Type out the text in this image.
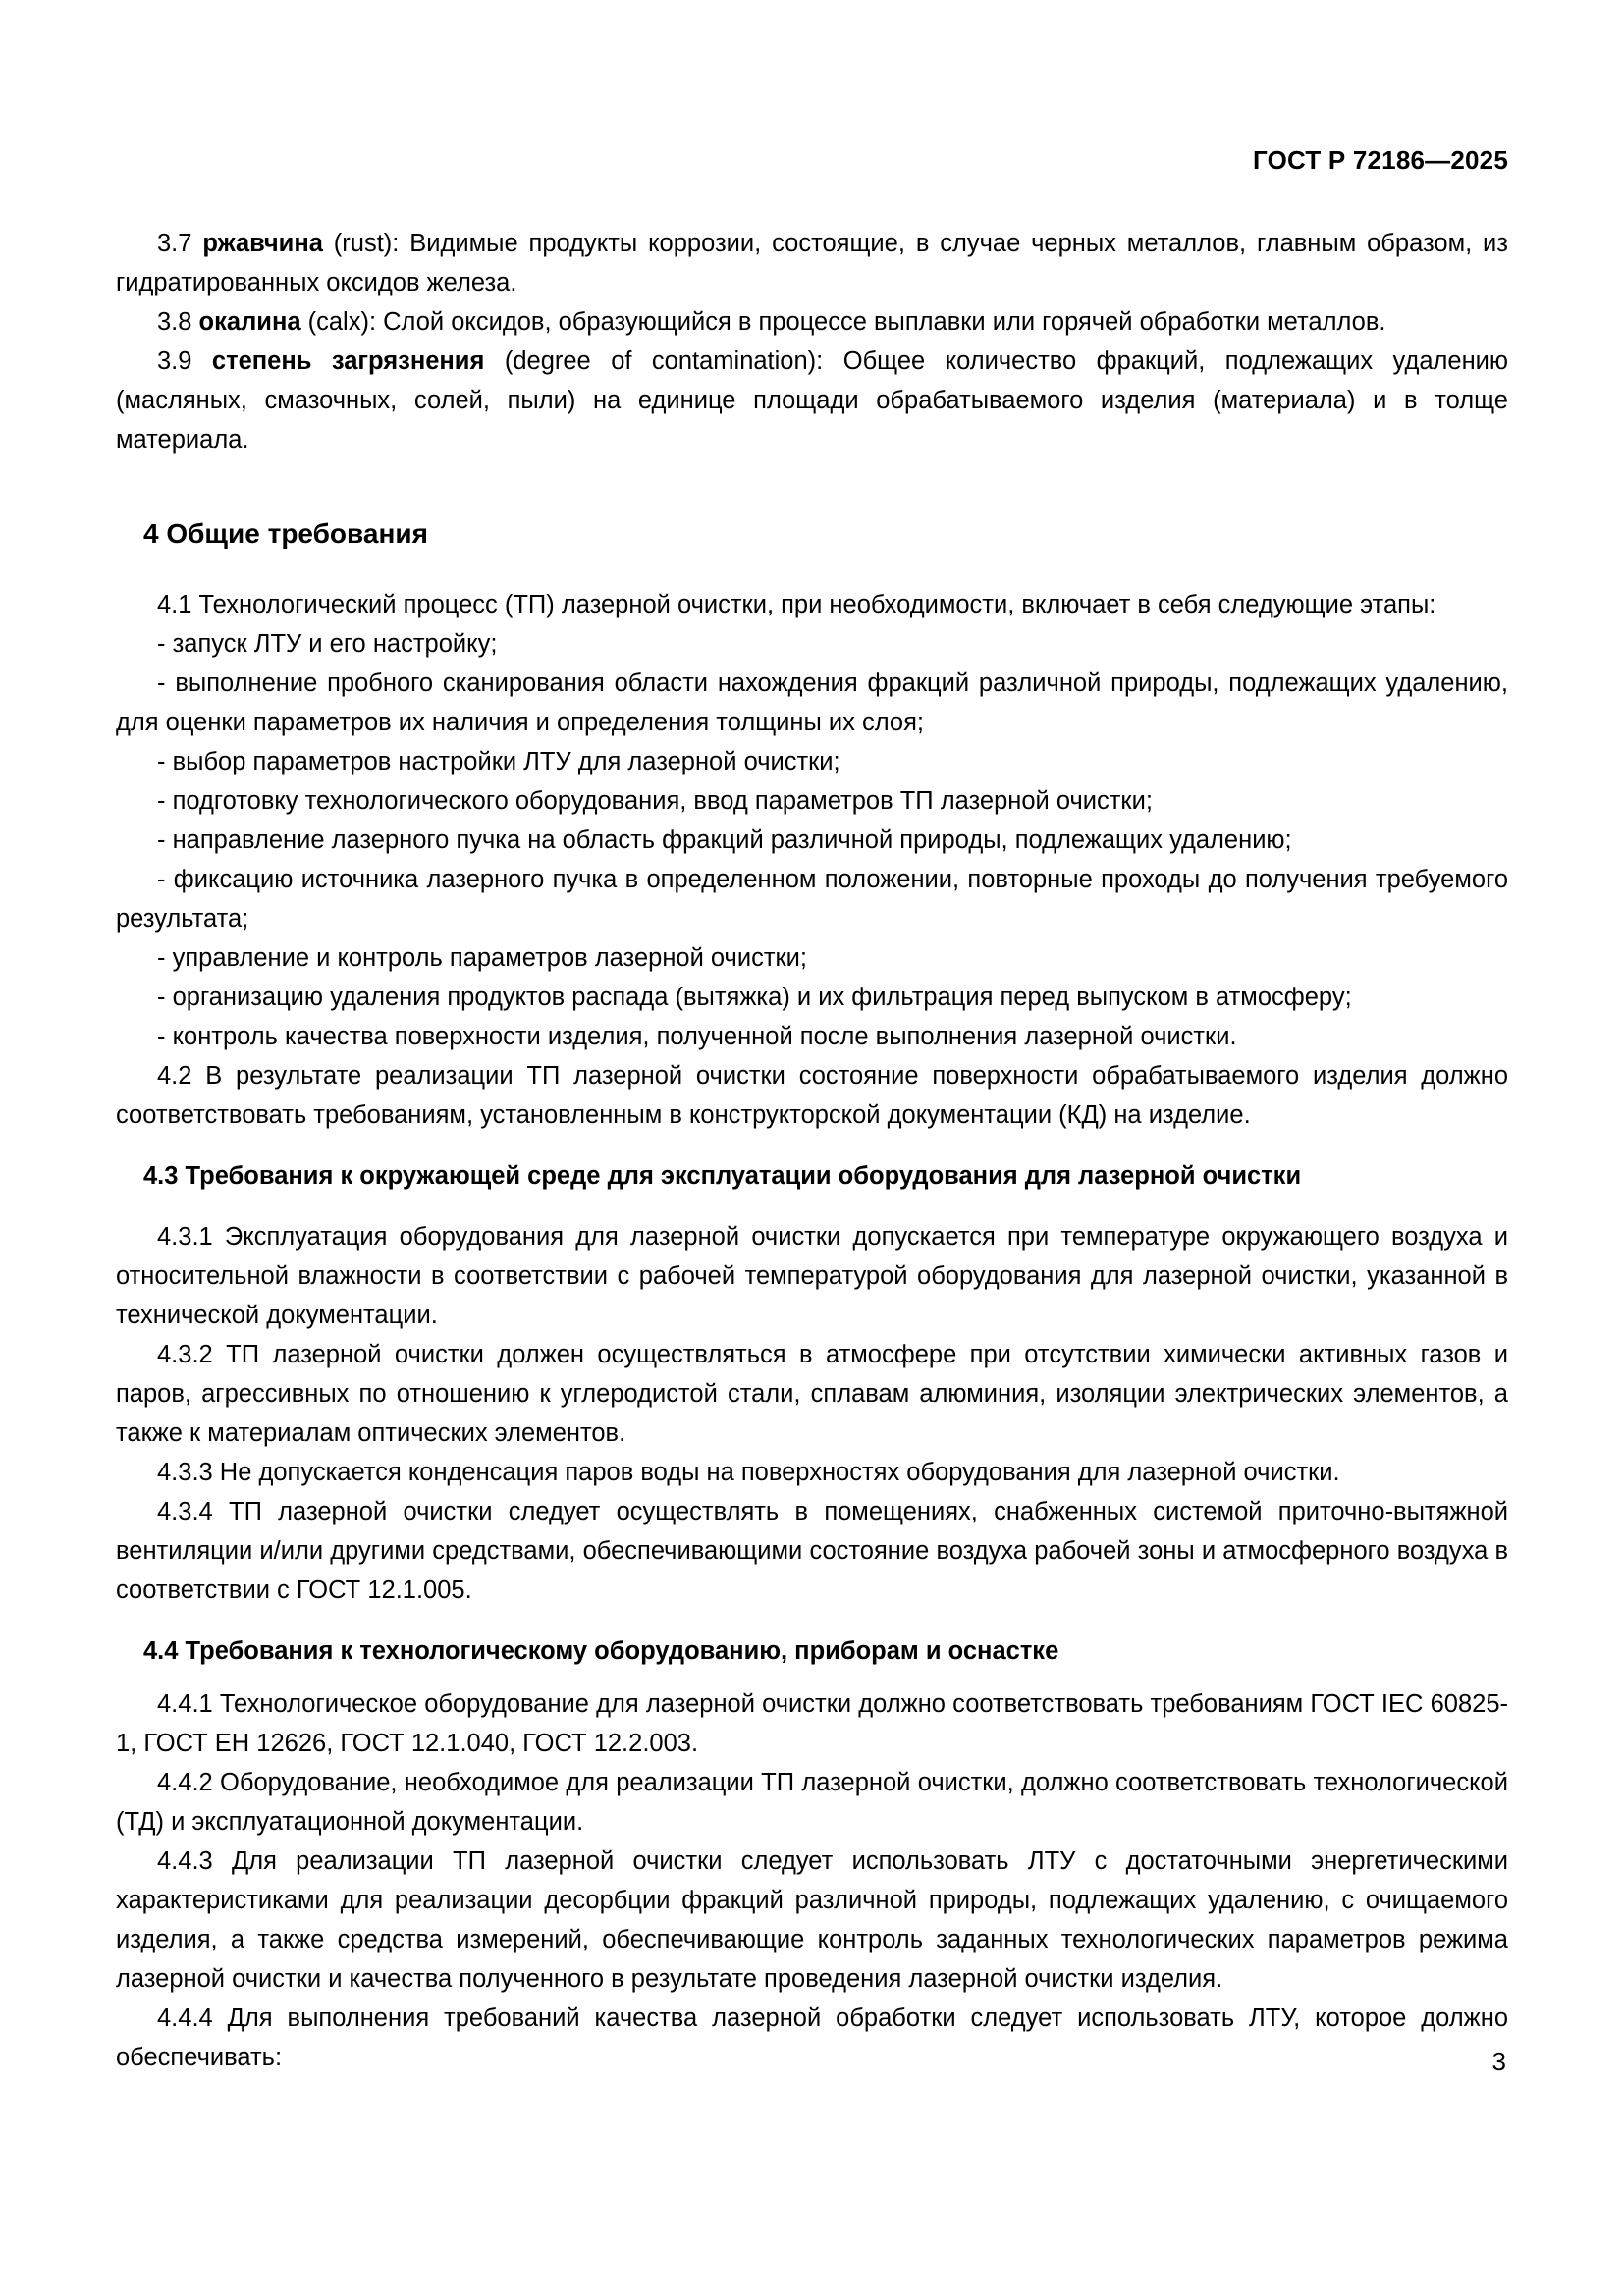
ГОСТ Р 72186—2025

3.7 ржавчина (rust): Видимые продукты коррозии, состоящие, в случае черных металлов, главным образом, из гидратированных оксидов железа.

3.8 окалина (calx): Слой оксидов, образующийся в процессе выплавки или горячей обработки металлов.

3.9 степень загрязнения (degree of contamination): Общее количество фракций, подлежащих удалению (масляных, смазочных, солей, пыли) на единице площади обрабатываемого изделия (материала) и в толще материала.

4 Общие требования

4.1 Технологический процесс (ТП) лазерной очистки, при необходимости, включает в себя следующие этапы:

- запуск ЛТУ и его настройку;

- выполнение пробного сканирования области нахождения фракций различной природы, подлежащих удалению, для оценки параметров их наличия и определения толщины их слоя;

- выбор параметров настройки ЛТУ для лазерной очистки;

- подготовку технологического оборудования, ввод параметров ТП лазерной очистки;

- направление лазерного пучка на область фракций различной природы, подлежащих удалению;

- фиксацию источника лазерного пучка в определенном положении, повторные проходы до получения требуемого результата;

- управление и контроль параметров лазерной очистки;

- организацию удаления продуктов распада (вытяжка) и их фильтрация перед выпуском в атмосферу;

- контроль качества поверхности изделия, полученной после выполнения лазерной очистки.

4.2 В результате реализации ТП лазерной очистки состояние поверхности обрабатываемого изделия должно соответствовать требованиям, установленным в конструкторской документации (КД) на изделие.

4.3 Требования к окружающей среде для эксплуатации оборудования для лазерной очистки

4.3.1 Эксплуатация оборудования для лазерной очистки допускается при температуре окружающего воздуха и относительной влажности в соответствии с рабочей температурой оборудования для лазерной очистки, указанной в технической документации.

4.3.2 ТП лазерной очистки должен осуществляться в атмосфере при отсутствии химически активных газов и паров, агрессивных по отношению к углеродистой стали, сплавам алюминия, изоляции электрических элементов, а также к материалам оптических элементов.

4.3.3 Не допускается конденсация паров воды на поверхностях оборудования для лазерной очистки.

4.3.4 ТП лазерной очистки следует осуществлять в помещениях, снабженных системой приточно-вытяжной вентиляции и/или другими средствами, обеспечивающими состояние воздуха рабочей зоны и атмосферного воздуха в соответствии с ГОСТ 12.1.005.

4.4 Требования к технологическому оборудованию, приборам и оснастке

4.4.1 Технологическое оборудование для лазерной очистки должно соответствовать требованиям ГОСТ IEC 60825-1, ГОСТ ЕН 12626, ГОСТ 12.1.040, ГОСТ 12.2.003.

4.4.2 Оборудование, необходимое для реализации ТП лазерной очистки, должно соответствовать технологической (ТД) и эксплуатационной документации.

4.4.3 Для реализации ТП лазерной очистки следует использовать ЛТУ с достаточными энергетическими характеристиками для реализации десорбции фракций различной природы, подлежащих удалению, с очищаемого изделия, а также средства измерений, обеспечивающие контроль заданных технологических параметров режима лазерной очистки и качества полученного в результате проведения лазерной очистки изделия.

4.4.4 Для выполнения требований качества лазерной обработки следует использовать ЛТУ, которое должно обеспечивать:	3
